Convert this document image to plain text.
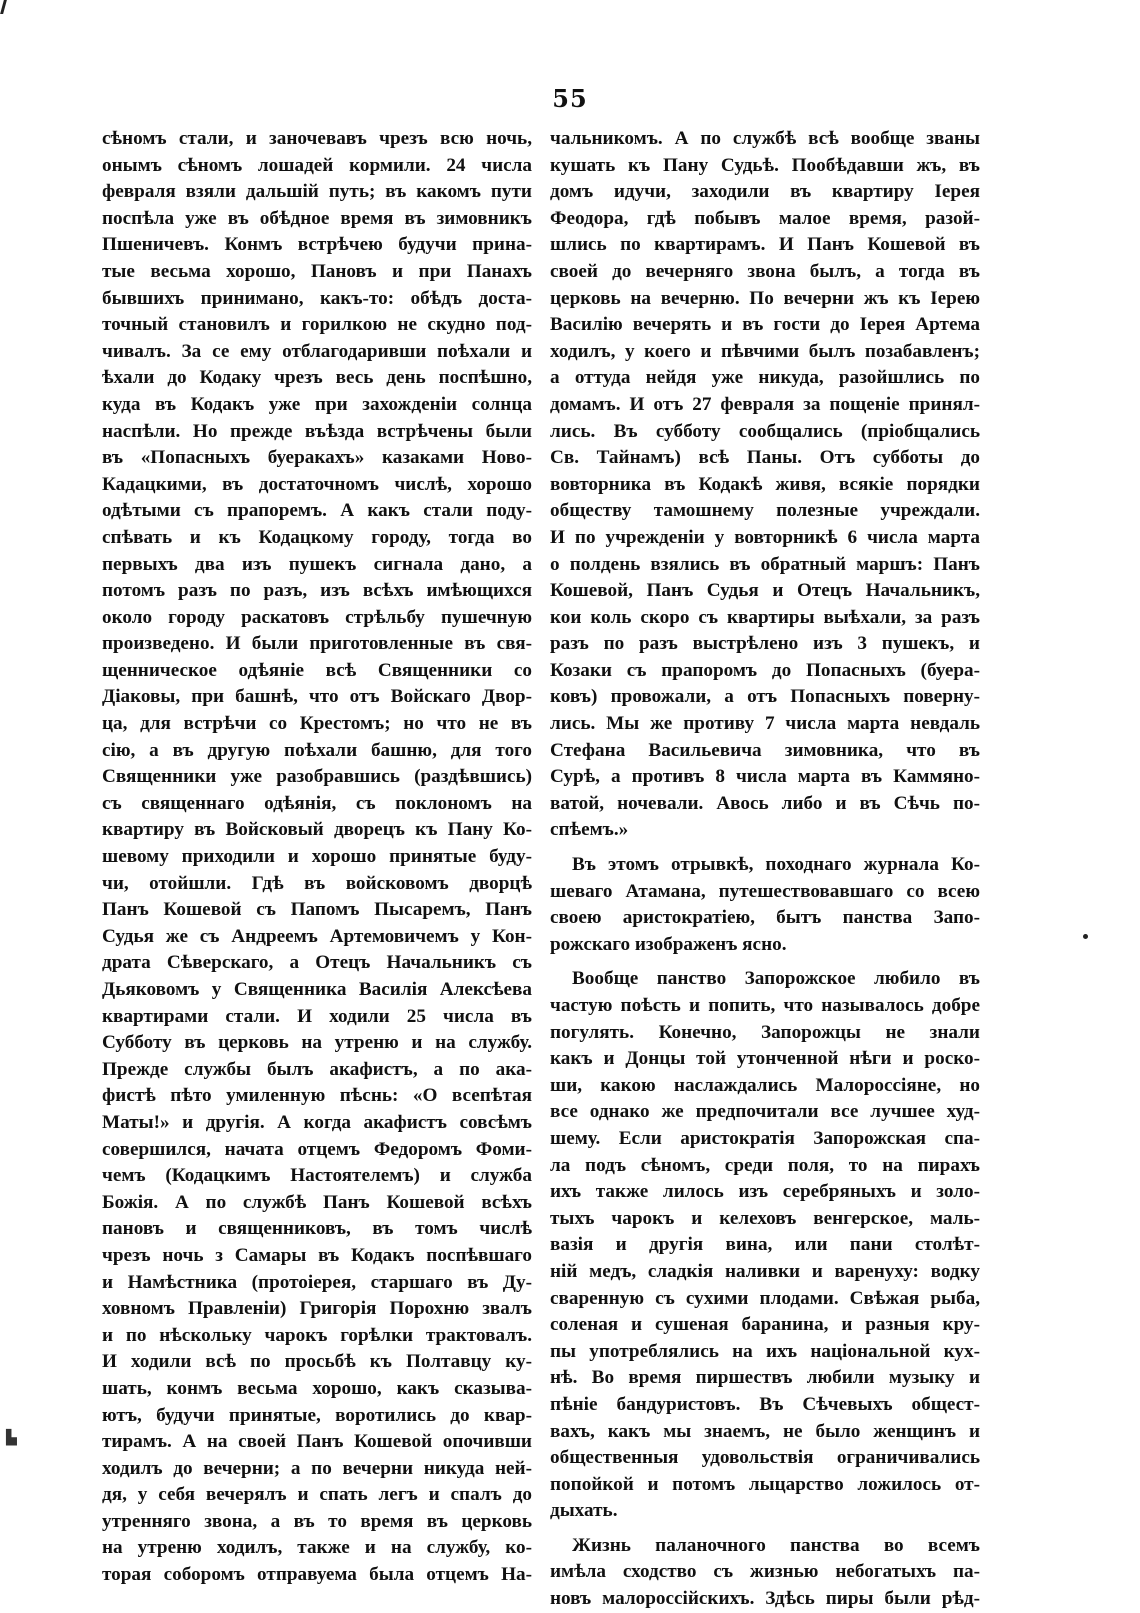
55
сѣномъ стали, и заночевавъ чрезъ всю ночь,
онымъ сѣномъ лошадей кормили. 24 числа
февраля взяли дальшій путь; въ какомъ пути
поспѣла уже въ обѣдное время въ зимовникъ
Пшеничевъ. Конмъ встрѣчею будучи прина-
тые весьма хорошо, Пановъ и при Панахъ
бывшихъ принимано, какъ-то: обѣдъ доста-
точный становилъ и горилкою не скудно под-
чивалъ. За се ему отблагодаривши поѣхали и
ѣхали до Кодаку чрезъ весь день поспѣшно,
куда въ Кодакъ уже при захожденіи солнца
наспѣли. Но прежде въѣзда встрѣчены были
въ «Попасныхъ буеракахъ» казаками Ново-
Кадацкими, въ достаточномъ числѣ, хорошо
одѣтыми съ прапоремъ. А какъ стали поду-
спѣвать и къ Кодацкому городу, тогда во
первыхъ два изъ пушекъ сигнала дано, а
потомъ разъ по разъ, изъ всѣхъ имѣющихся
около городу раскатовъ стрѣльбу пушечную
произведено. И были приготовленные въ свя-
щенническое одѣяніе всѣ Священники со
Діаковы, при башнѣ, что отъ Войскаго Двор-
ца, для встрѣчи со Крестомъ; но что не въ
сію, а въ другую поѣхали башню, для того
Священники уже разобравшись (раздѣвшись)
съ священнаго одѣянія, съ поклономъ на
квартиру въ Войсковый дворецъ къ Пану Ко-
шевому приходили и хорошо принятые буду-
чи, отойшли. Гдѣ въ войсковомъ дворцѣ
Панъ Кошевой съ Папомъ Пысаремъ, Панъ
Судья же съ Андреемъ Артемовичемъ у Кон-
драта Сѣверскаго, а Отецъ Начальникъ съ
Дьяковомъ у Священника Василія Алексѣева
квартирами стали. И ходили 25 числа въ
Субботу въ церковь на утреню и на службу.
Прежде службы былъ акафистъ, а по ака-
фистѣ пѣто умиленную пѣснь: «О всепѣтая
Маты!» и другія. А когда акафистъ совсѣмъ
совершился, начата отцемъ Федоромъ Фоми-
чемъ (Кодацкимъ Настоятелемъ) и служба
Божія. А по службѣ Панъ Кошевой всѣхъ
пановъ и священниковъ, въ томъ числѣ
чрезъ ночь з Самары въ Кодакъ поспѣвшаго
и Намѣстника (протоіерея, старшаго въ Ду-
ховномъ Правленіи) Григорія Порохню звалъ
и по нѣскольку чарокъ горѣлки трактовалъ.
И ходили всѣ по просьбѣ къ Полтавцу ку-
шать, конмъ весьма хорошо, какъ сказыва-
ютъ, будучи принятые, воротились до квар-
тирамъ. А на своей Панъ Кошевой опочивши
ходилъ до вечерни; а по вечерни никуда ней-
дя, у себя вечерялъ и спать легъ и спалъ до
утренняго звона, а въ то время въ церковь
на утреню ходилъ, также и на службу, ко-
торая соборомъ отправуема была отцемъ На-
чальникомъ. А по службѣ всѣ вообще званы
кушать къ Пану Судьѣ. Пообѣдавши жъ, въ
домъ идучи, заходили въ квартиру Іерея
Феодора, гдѣ побывъ малое время, разой-
шлись по квартирамъ. И Панъ Кошевой въ
своей до вечерняго звона былъ, а тогда въ
церковь на вечерню. По вечерни жъ къ Іерею
Василію вечерять и въ гости до Іерея Артема
ходилъ, у коего и пѣвчими былъ позабавленъ;
а оттуда нейдя уже никуда, разойшлись по
домамъ. И отъ 27 февраля за пощеніе принял-
лись. Въ субботу сообщались (пріобщались
Св. Тайнамъ) всѣ Паны. Отъ субботы до
вовторника въ Кодакѣ живя, всякіе порядки
обществу тамошнему полезные учреждали.
И по учрежденіи у вовторникѣ 6 числа марта
о полдень взялись въ обратный маршъ: Панъ
Кошевой, Панъ Судья и Отецъ Начальникъ,
кои коль скоро съ квартиры выѣхали, за разъ
разъ по разъ выстрѣлено изъ 3 пушекъ, и
Козаки съ прапоромъ до Попасныхъ (буера-
ковъ) провожали, а отъ Попасныхъ поверну-
лись. Мы же противу 7 числа марта невдаль
Стефана Васильевича зимовника, что въ
Сурѣ, а противъ 8 числа марта въ Каммяно-
ватой, ночевали. Авось либо и въ Сѣчь по-
спѣемъ.»
Въ этомъ отрывкѣ, походнаго журнала Ко-
шеваго Атамана, путешествовавшаго со всею
своею аристократіею, бытъ панства Запо-
рожскаго изображенъ ясно.
Вообще панство Запорожское любило въ
частую поѣсть и попить, что называлось добре
погулять. Конечно, Запорожцы не знали
какъ и Донцы той утонченной нѣги и роско-
ши, какою наслаждались Малороссіяне, но
все однако же предпочитали все лучшее худ-
шему. Если аристократія Запорожская спа-
ла подъ сѣномъ, среди поля, то на пирахъ
ихъ также лилось изъ серебряныхъ и золо-
тыхъ чарокъ и келеховъ венгерское, маль-
вазія и другія вина, или пани столѣт-
ній медъ, сладкія наливки и варенуху: водку
сваренную съ сухими плодами. Свѣжая рыба,
соленая и сушеная баранина, и разныя кру-
пы употреблялись на ихъ національной кух-
нѣ. Во время пиршествъ любили музыку и
пѣніе бандуристовъ. Въ Сѣчевыхъ общест-
вахъ, какъ мы знаемъ, не было женщинъ и
общественныя удовольствія ограничивались
попойкой и потомъ лыцарство ложилось от-
дыхать.
Жизнь паланочного панства во всемъ
имѣла сходство съ жизнью небогатыхъ па-
новъ малороссійскихъ. Здѣсь пиры были рѣд-
▙
